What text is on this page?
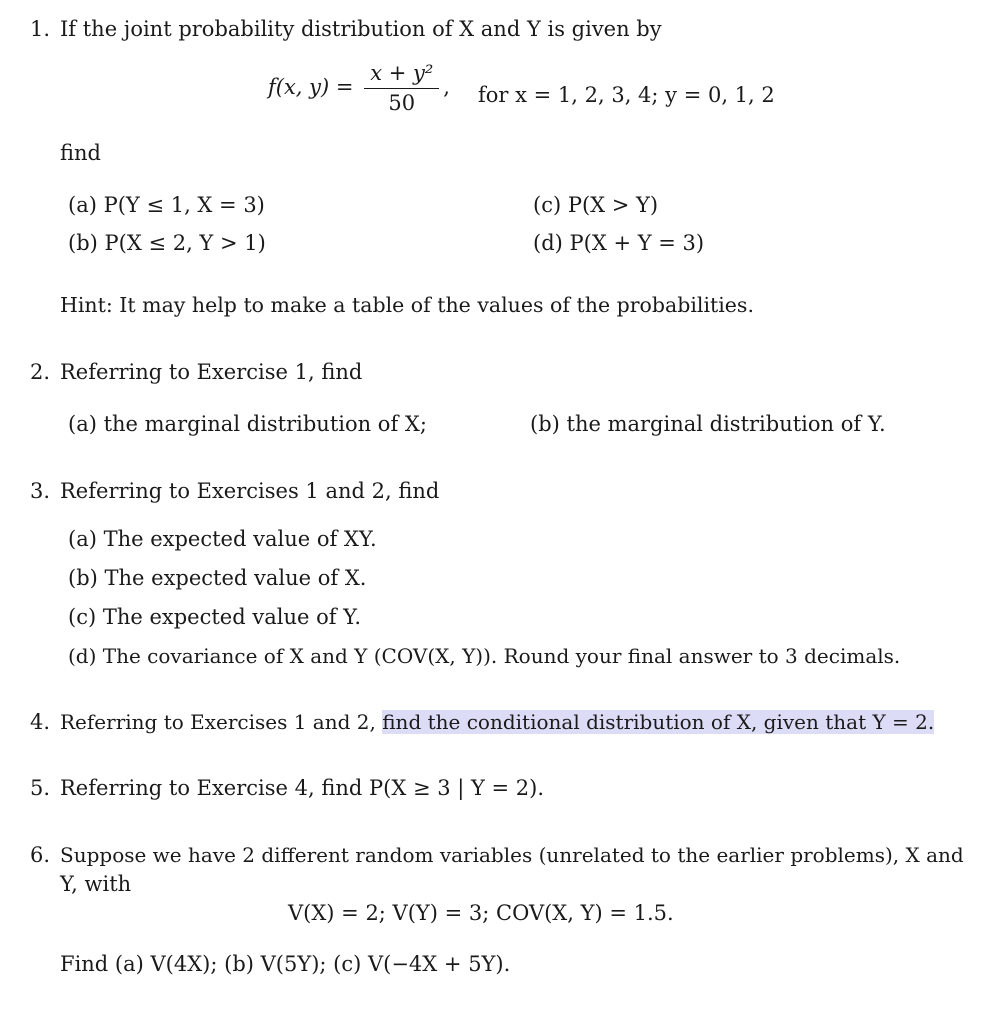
1. If the joint probability distribution of X and Y is given by
f(x, $y) = \frac{\text{x + y²}}{50}$ , for x = 1, 2, 3, 4; y = 0, 1, 2
find
(a) P(Y ≤ 1, X = 3)	(c) P(X > Y)
(b) P(X ≤ 2, Y > 1)	(d) P(X + Y = 3)
Hint: It may help to make a table of the values of the probabilities.
2. Referring to Exercise 1, find
(a) the marginal distribution of X;	(b) the marginal distribution of Y.
3. Referring to Exercises 1 and 2, find
(a) The expected value of XY.
(b) The expected value of X.
(c) The expected value of Y.
(d) The covariance of X and Y (COV(X, Y)). Round your final answer to 3 decimals.
4. Referring to Exercises 1 and 2, find the conditional distribution of X, given that Y = 2.
5. Referring to Exercise 4, find P(X ≥ 3 | Y = 2).
6. Suppose we have 2 different random variables (unrelated to the earlier problems), X and
Y, with
V(X) = 2; V(Y) = 3; COV(X, Y) = 1.5.
Find (a) V(4X); (b) V(5Y); (c) V(−4X + 5Y).
